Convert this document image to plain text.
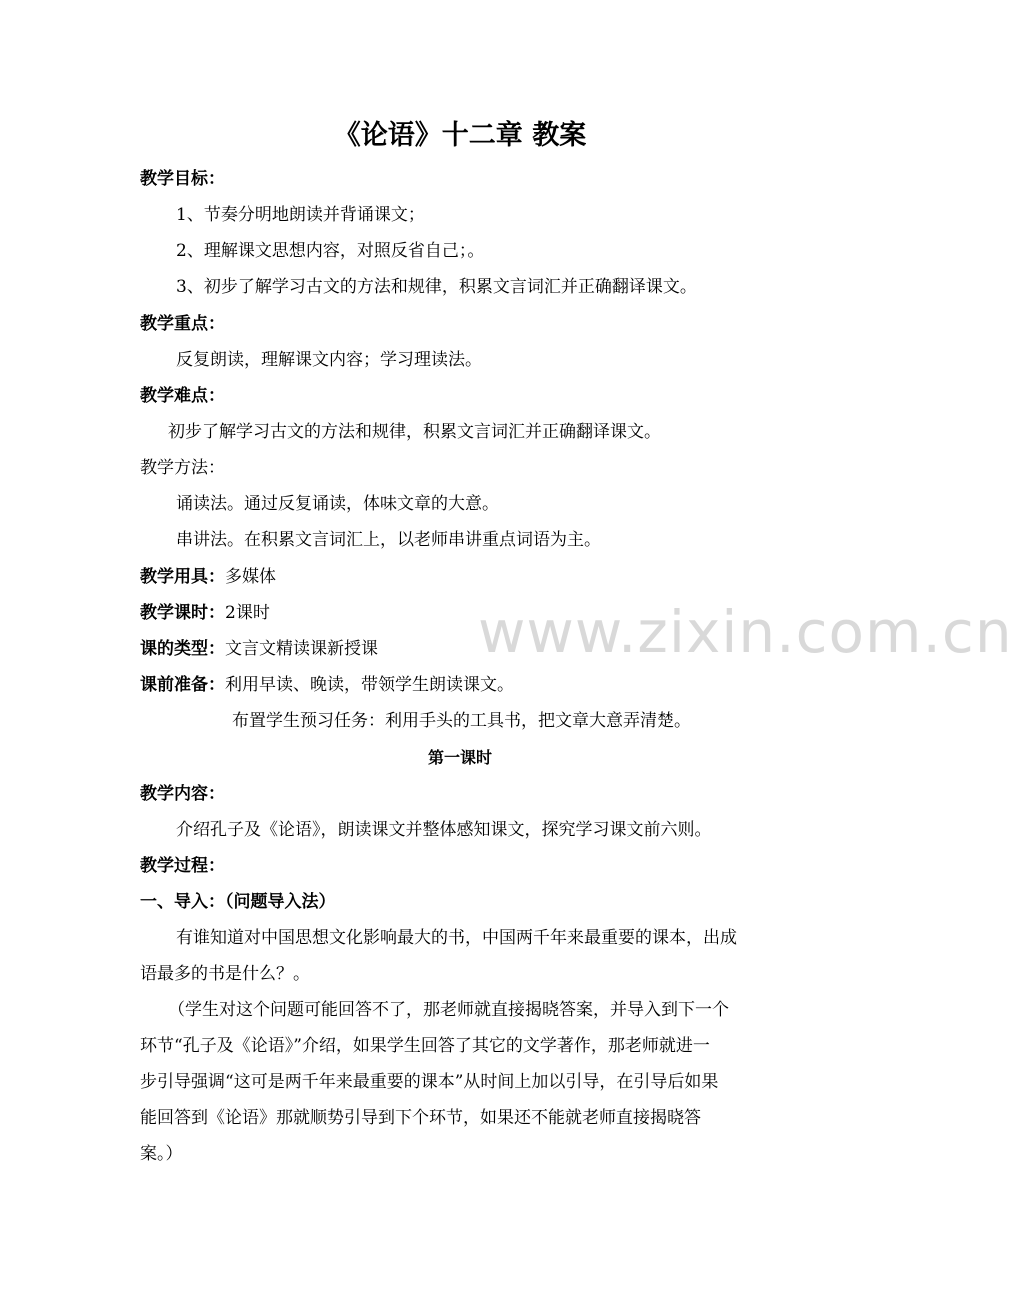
《论语》十二章 教案
教学目标：
1、节奏分明地朗读并背诵课文；
2、理解课文思想内容，对照反省自己；。
3、初步了解学习古文的方法和规律，积累文言词汇并正确翻译课文。
教学重点：
反复朗读，理解课文内容；学习理读法。
教学难点：
初步了解学习古文的方法和规律，积累文言词汇并正确翻译课文。
教学方法：
诵读法。通过反复诵读，体味文章的大意。
串讲法。在积累文言词汇上，以老师串讲重点词语为主。
教学用具：多媒体
教学课时：2课时
课的类型：文言文精读课新授课
课前准备：利用早读、晚读，带领学生朗读课文。
布置学生预习任务：利用手头的工具书，把文章大意弄清楚。
第一课时
教学内容：
介绍孔子及《论语》，朗读课文并整体感知课文，探究学习课文前六则。
教学过程：
一、导入：（问题导入法）
有谁知道对中国思想文化影响最大的书，中国两千年来最重要的课本，出成
语最多的书是什么？。
（学生对这个问题可能回答不了，那老师就直接揭晓答案，并导入到下一个
环节“孔子及《论语》”介绍，如果学生回答了其它的文学著作，那老师就进一
步引导强调“这可是两千年来最重要的课本”从时间上加以引导，在引导后如果
能回答到《论语》那就顺势引导到下个环节，如果还不能就老师直接揭晓答
案。）
www.zixin.com.cn
